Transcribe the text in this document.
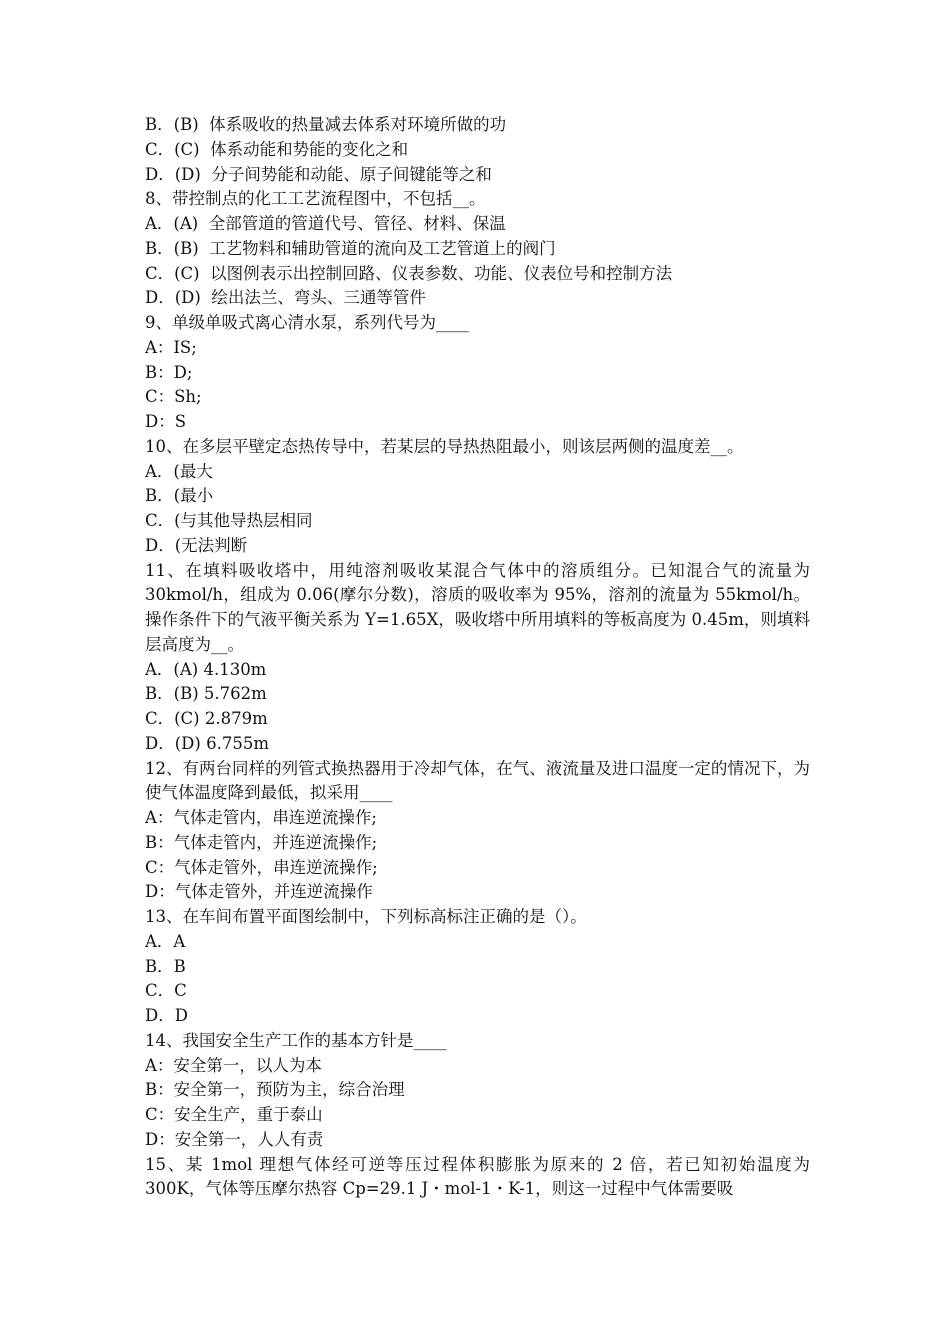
B．(B)  体系吸收的热量减去体系对环境所做的功

C．(C)  体系动能和势能的变化之和

D．(D)  分子间势能和动能、原子间键能等之和

8、带控制点的化工工艺流程图中，不包括__。

A．(A)  全部管道的管道代号、管径、材料、保温

B．(B)  工艺物料和辅助管道的流向及工艺管道上的阀门

C．(C)  以图例表示出控制回路、仪表参数、功能、仪表位号和控制方法

D．(D)  绘出法兰、弯头、三通等管件

9、单级单吸式离心清水泵，系列代号为____

A：IS;

B：D;

C：Sh;

D：S

10、在多层平壁定态热传导中，若某层的导热热阻最小，则该层两侧的温度差__。

A．(最大

B．(最小

C．(与其他导热层相同

D．(无法判断

11、在填料吸收塔中，用纯溶剂吸收某混合气体中的溶质组分。已知混合气的流量为 30kmol/h，组成为 0.06(摩尔分数)，溶质的吸收率为 95%，溶剂的流量为 55kmol/h。操作条件下的气液平衡关系为 Y=1.65X，吸收塔中所用填料的等板高度为 0.45m，则填料层高度为__。

A．(A) 4.130m

B．(B) 5.762m

C．(C) 2.879m

D．(D) 6.755m

12、有两台同样的列管式换热器用于冷却气体，在气、液流量及进口温度一定的情况下，为使气体温度降到最低，拟采用____

A：气体走管内，串连逆流操作;

B：气体走管内，并连逆流操作;

C：气体走管外，串连逆流操作;

D：气体走管外，并连逆流操作

13、在车间布置平面图绘制中，下列标高标注正确的是（）。

A．A

B．B

C．C

D．D

14、我国安全生产工作的基本方针是____

A：安全第一，以人为本

B：安全第一，预防为主，综合治理

C：安全生产，重于泰山

D：安全第一，人人有责

15、某 1mol 理想气体经可逆等压过程体积膨胀为原来的 2 倍，若已知初始温度为 300K，气体等压摩尔热容 Cp=29.1 J・mol-1・K-1，则这一过程中气体需要吸
